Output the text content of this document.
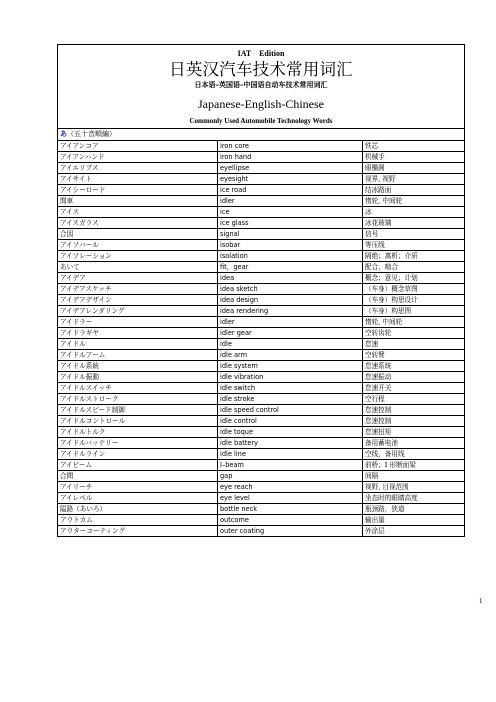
IAT　Edition
日英汉汽车技术常用词汇
日本语–英国语–中国语自动车技术常用词汇
Japanese-English-Chinese
Commonly Used Automobile Technology Words
あ（五十音順編）
アイアンコア	iron core	铁芯
アイアンハンド	iron hand	机械手
アイエリプス	eyellipse	眼椭圆
アイサイト	eyesight	视界, 视野
アイシーロード	ice road	结冰路面
間車	idler	惰轮, 中间轮
アイス	ice	冰
アイスガラス	ice glass	冰花玻璃
合図	signal	信号
アイソバール	isobar	等压线
アイソレーション	isolation	隔绝；离析；介质
あいて	fit，gear	配合，啮合
アイデア	idea	概念；意见；计划
アイデアスケッチ	idea sketch	（车身）概念草图
アイデアデザイン	idea design	（车身）构思设计
アイデアレンダリング	idea rendering	（车身）构思图
アイドラー	idler	惰轮, 中间轮
アイドラギヤ	idler gear	空转齿轮
アイドル	idle	怠速
アイドルアーム	idle arm	空转臂
アイドル系統	idle system	怠速系统
アイドル振動	idle vibration	怠速振动
アイドルスイッチ	idle switch	怠速开关
アイドルストローク	idle stroke	空行程
アイドルスピード制御	idle speed control	怠速控制
アイドルコントロール	idle control	怠速控制
アイドルトルク	idle toque	怠速扭矩
アイドルバッテリー	idle battery	备用蓄电池
アイドルライン	idle line	空线，备用线
アイビーム	I–beam	前桥；I 形断面梁
合間	gap	间隔
アイリーチ	eye reach	视野, 目视范围
アイレベル	eye level	坐态时的眼睛高度
隘路（あいろ）	bottle neck	瓶颈路，狭道
アウトカム	outcome	输出量
アウターコーティング	outer coating	外涂层
1
